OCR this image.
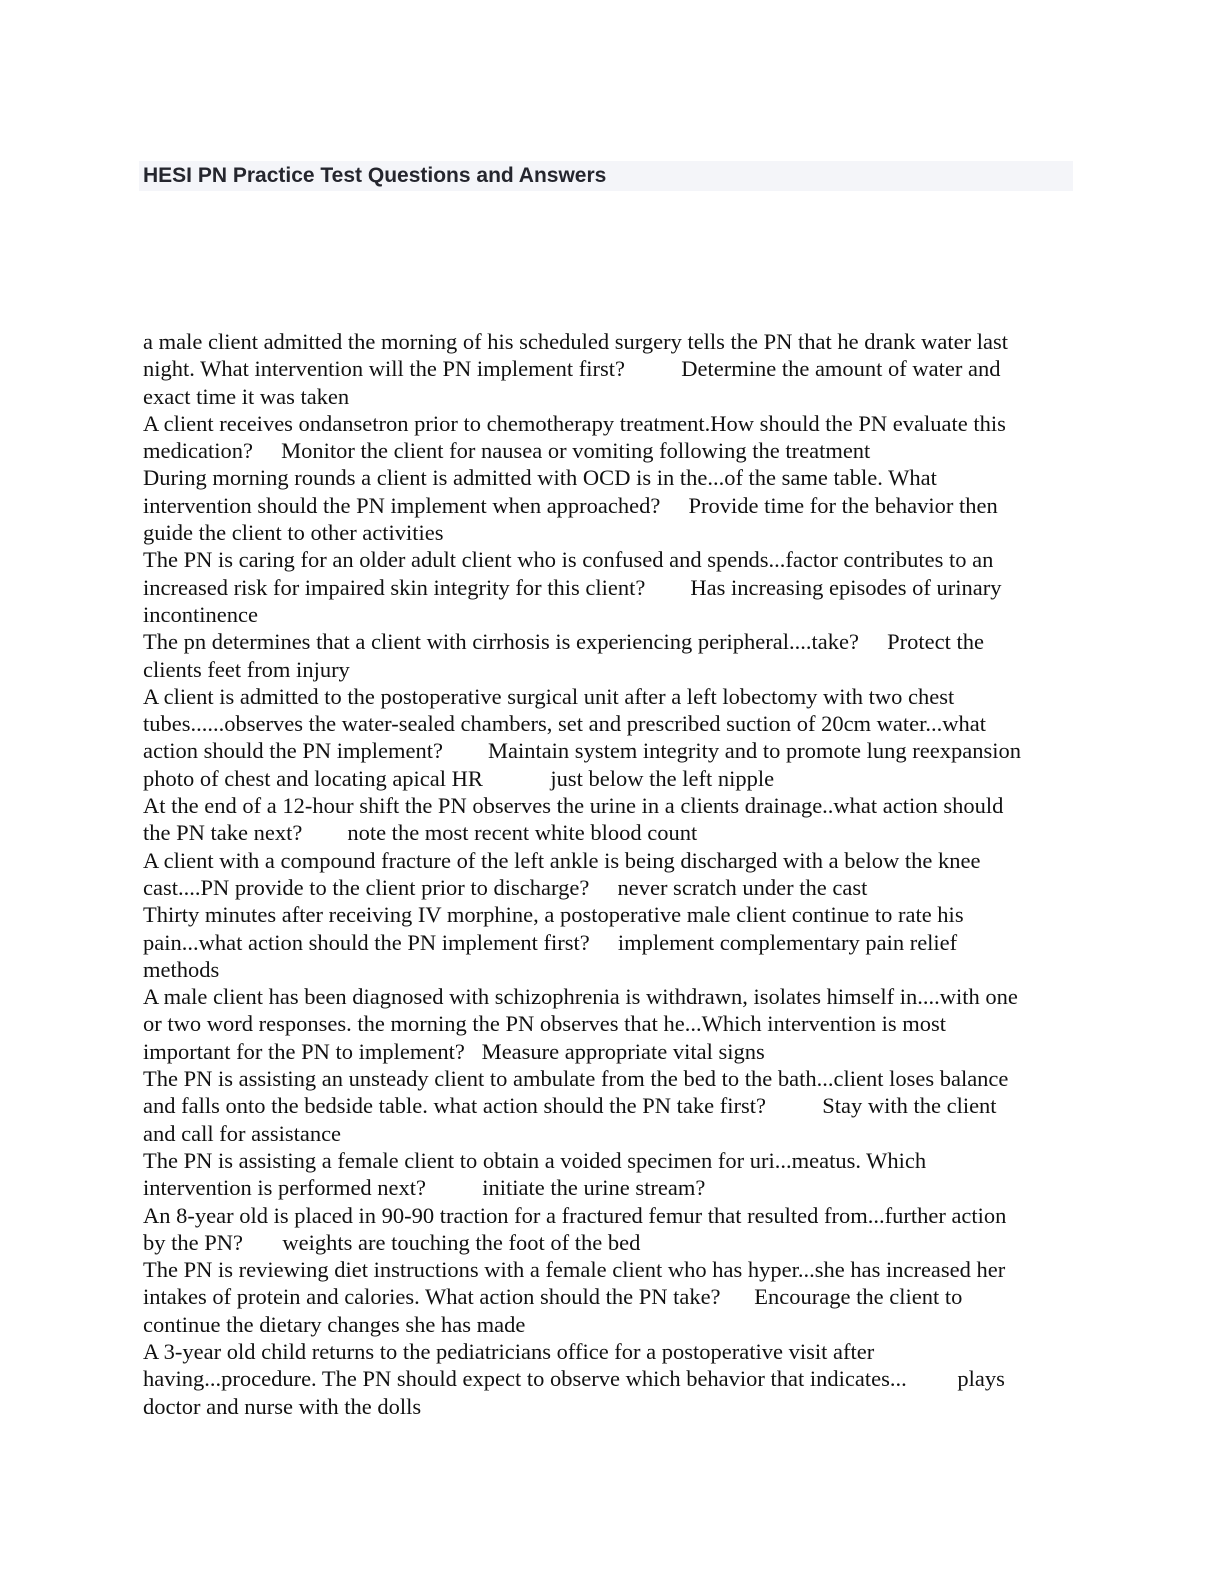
HESI PN Practice Test Questions and Answers
a male client admitted the morning of his scheduled surgery tells the PN that he drank water last
night. What intervention will the PN implement first?          Determine the amount of water and
exact time it was taken
A client receives ondansetron prior to chemotherapy treatment.How should the PN evaluate this
medication?     Monitor the client for nausea or vomiting following the treatment
During morning rounds a client is admitted with OCD is in the...of the same table. What
intervention should the PN implement when approached?     Provide time for the behavior then
guide the client to other activities
The PN is caring for an older adult client who is confused and spends...factor contributes to an
increased risk for impaired skin integrity for this client?        Has increasing episodes of urinary
incontinence
The pn determines that a client with cirrhosis is experiencing peripheral....take?     Protect the
clients feet from injury
A client is admitted to the postoperative surgical unit after a left lobectomy with two chest
tubes......observes the water-sealed chambers, set and prescribed suction of 20cm water...what
action should the PN implement?        Maintain system integrity and to promote lung reexpansion
photo of chest and locating apical HR            just below the left nipple
At the end of a 12-hour shift the PN observes the urine in a clients drainage..what action should
the PN take next?        note the most recent white blood count
A client with a compound fracture of the left ankle is being discharged with a below the knee
cast....PN provide to the client prior to discharge?     never scratch under the cast
Thirty minutes after receiving IV morphine, a postoperative male client continue to rate his
pain...what action should the PN implement first?     implement complementary pain relief
methods
A male client has been diagnosed with schizophrenia is withdrawn, isolates himself in....with one
or two word responses. the morning the PN observes that he...Which intervention is most
important for the PN to implement?   Measure appropriate vital signs
The PN is assisting an unsteady client to ambulate from the bed to the bath...client loses balance
and falls onto the bedside table. what action should the PN take first?          Stay with the client
and call for assistance
The PN is assisting a female client to obtain a voided specimen for uri...meatus. Which
intervention is performed next?          initiate the urine stream?
An 8-year old is placed in 90-90 traction for a fractured femur that resulted from...further action
by the PN?       weights are touching the foot of the bed
The PN is reviewing diet instructions with a female client who has hyper...she has increased her
intakes of protein and calories. What action should the PN take?      Encourage the client to
continue the dietary changes she has made
A 3-year old child returns to the pediatricians office for a postoperative visit after
having...procedure. The PN should expect to observe which behavior that indicates...         plays
doctor and nurse with the dolls
